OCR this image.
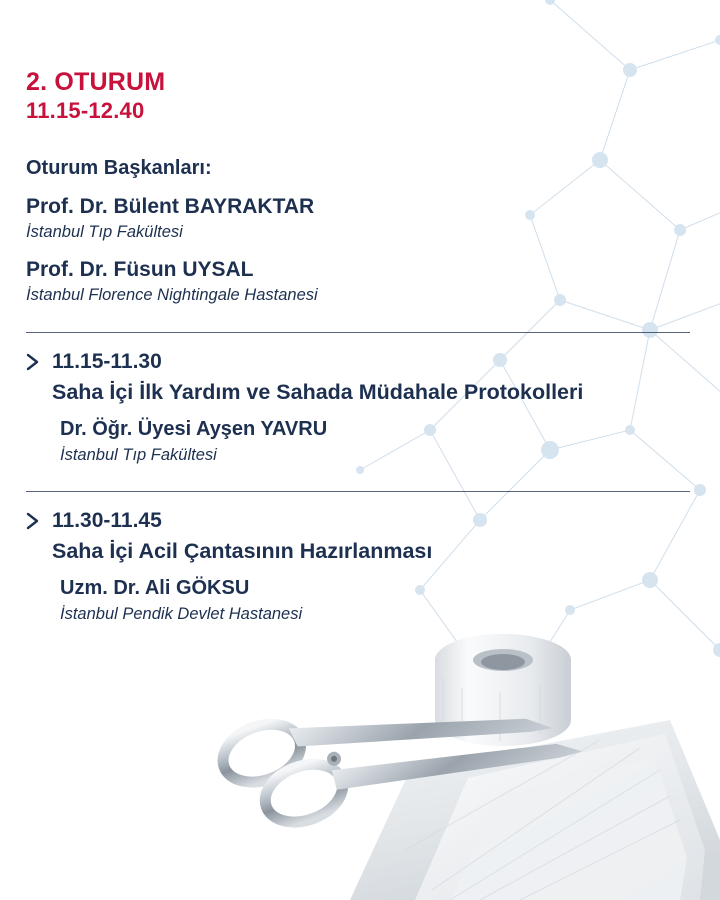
2. OTURUM
11.15-12.40
Oturum Başkanları:
Prof. Dr. Bülent BAYRAKTAR
İstanbul Tıp Fakültesi
Prof. Dr. Füsun UYSAL
İstanbul Florence Nightingale Hastanesi
11.15-11.30
Saha İçi İlk Yardım ve Sahada Müdahale Protokolleri
Dr. Öğr. Üyesi Ayşen YAVRU
İstanbul Tıp Fakültesi
11.30-11.45
Saha İçi Acil Çantasının Hazırlanması
Uzm. Dr. Ali GÖKSU
İstanbul Pendik Devlet Hastanesi
